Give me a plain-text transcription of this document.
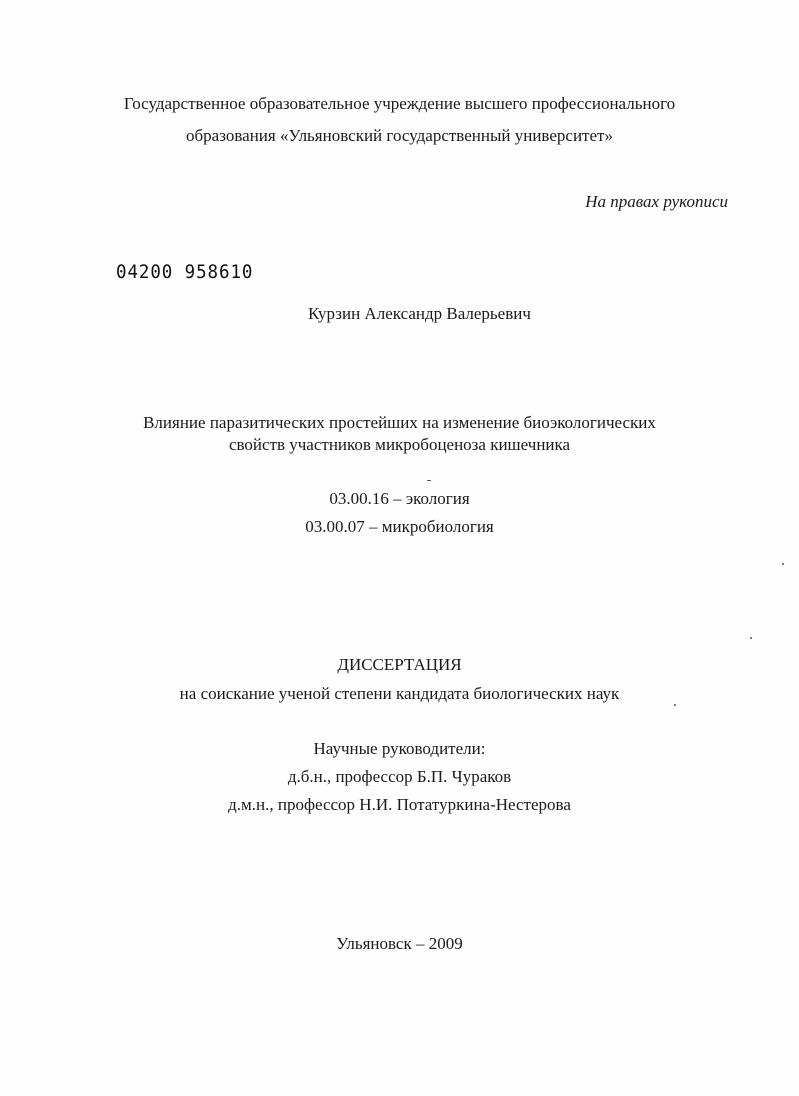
Государственное образовательное учреждение высшего профессионального
образования «Ульяновский государственный университет»
На правах рукописи
04200 958610
Курзин Александр Валерьевич
Влияние паразитических простейших на изменение биоэкологических
свойств участников микробоценоза кишечника
03.00.16 – экология
03.00.07 – микробиология
ДИССЕРТАЦИЯ
на соискание ученой степени кандидата биологических наук
Научные руководители:
д.б.н., профессор Б.П. Чураков
д.м.н., профессор Н.И. Потатуркина-Нестерова
Ульяновск – 2009
